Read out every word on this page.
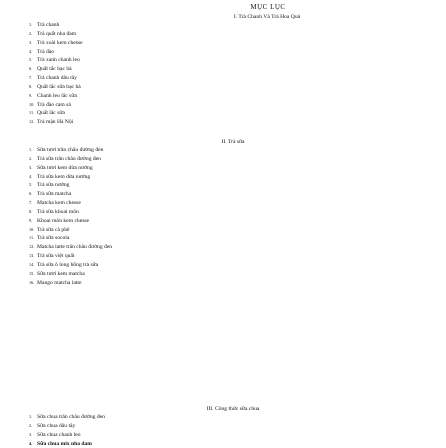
MỤC LỤC
I. Trà Chanh Và Trà Hoa Quả
1. Trà chanh
2. Trà quất nha đam
3. Trà xoài kem chesse
4. Trà đào
5. Trà xanh chanh leo
6. Quất tắc bạc hà
7. Trà chanh dâu tây
8. Quất lắc sữa bạc hà
9. Chanh leo lắc sữa
10. Trà đào cam sả
11. Quất lắc sữa
12. Trà mận Hà Nội
II. Trà sữa
1. Sữa tươi trân châu đường đen
2. Trà sữa trân châu đường đen
3. Sữa tươi kem dừa nướng
4. Trà sữa kem dừa nướng
5. Trà sữa nướng
6. Trà sữa matcha
7. Matcha kem chesse
8. Trà sữa khoai môn
9. Khoai môn kem chesse
10. Trà sữa cà phê
11. Trà sữa socola
12. Matcha latte trân châu đường đen
13. Trà sữa việt quất
14. Trà sữa ô long hồng trà sữa
15. Sữa tươi kem matcha
16. Mango matcha latte
III. Công thức sữa chua
1. Sữa chua trân châu đường đen
2. Sữa chua dâu tây
3. Sữa chua chanh leo
4. Sữa chua mix nha đam
